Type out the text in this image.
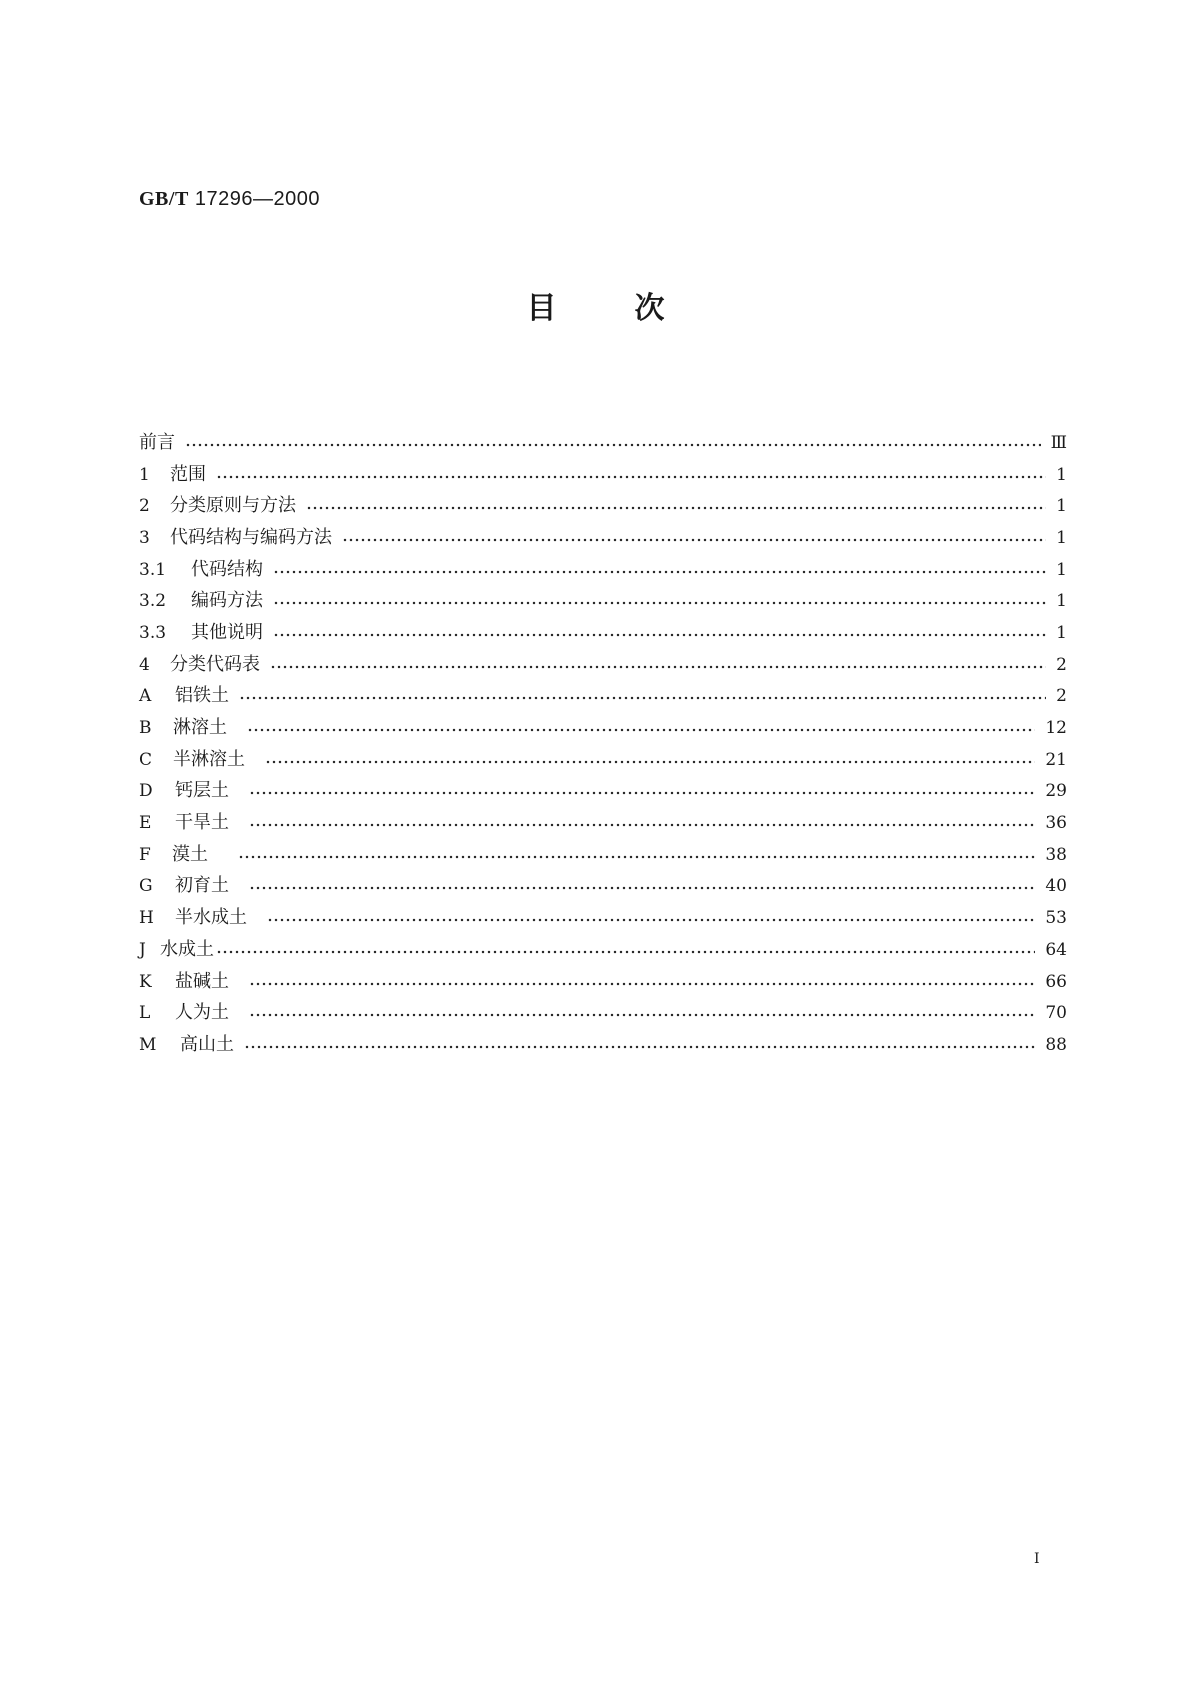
GB/T 17296—2000
目	次
前言	Ⅲ
1	范围	1
2	分类原则与方法	1
3	代码结构与编码方法	1
3.1	代码结构	1
3.2	编码方法	1
3.3	其他说明	1
4	分类代码表	2
A	铝铁土	2
B	淋溶土	12
C	半淋溶土	21
D	钙层土	29
E	干旱土	36
F	漠土	38
G	初育土	40
H	半水成土	53
J 水成土	64
K	盐碱土	66
L	人为土	70
M	高山土	88
Ⅰ
